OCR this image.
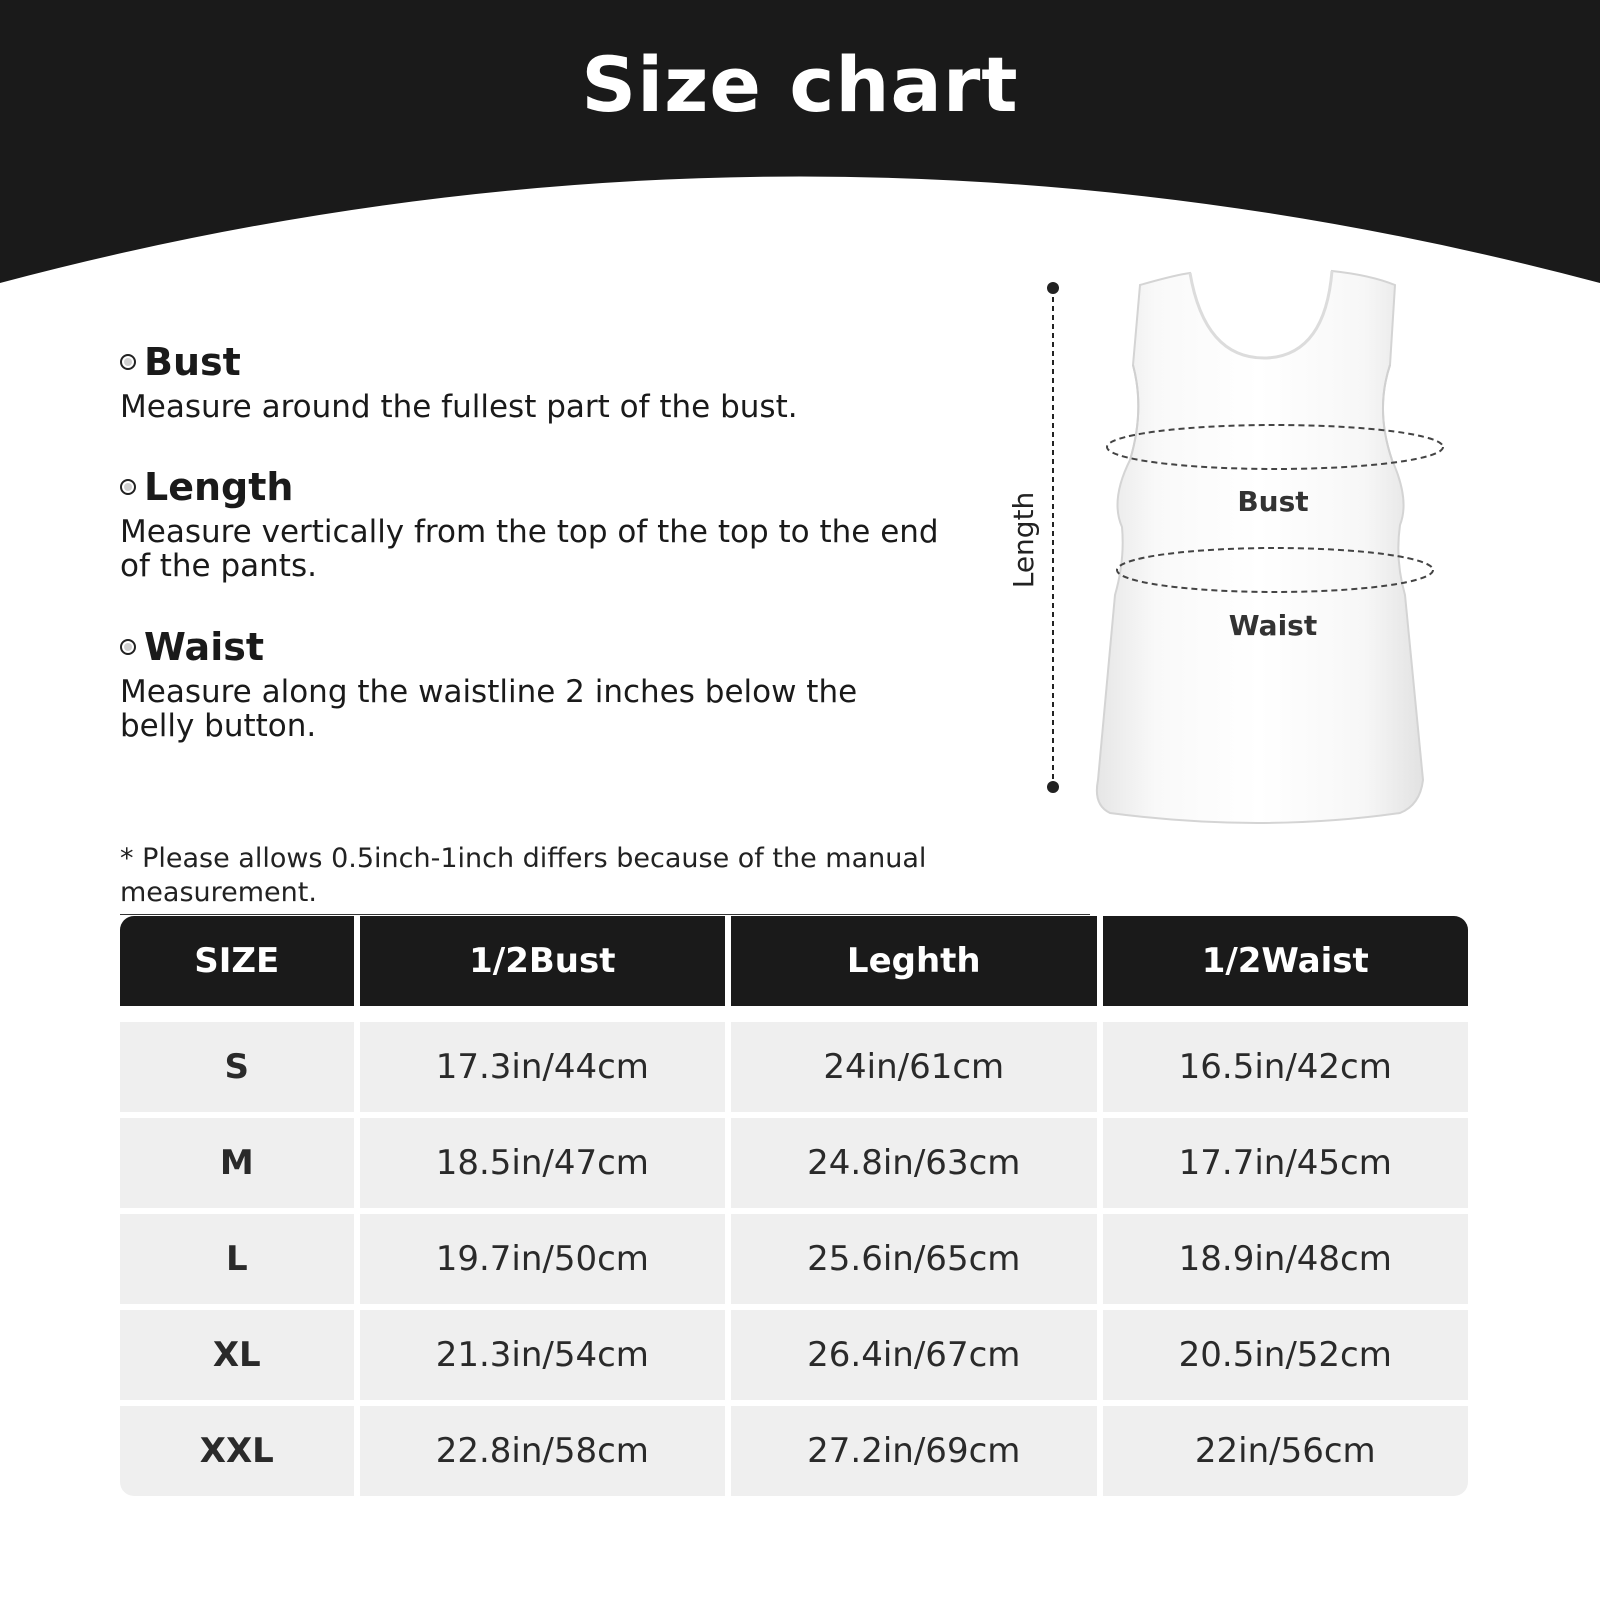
Size chart
Bust
Measure around the fullest part of the bust.
Length
Measure vertically from the top of the top to the end of the pants.
Waist
Measure along the waistline 2 inches below the belly button.
Length	Bust
Waist
* Please allows 0.5inch-1inch differs because of the manual measurement.
SIZE	1/2Bust	Leghth	1/2Waist

S	17.3in/44cm	24in/61cm	16.5in/42cm
M	18.5in/47cm	24.8in/63cm	17.7in/45cm
L	19.7in/50cm	25.6in/65cm	18.9in/48cm
XL	21.3in/54cm	26.4in/67cm	20.5in/52cm
XXL	22.8in/58cm	27.2in/69cm	22in/56cm
